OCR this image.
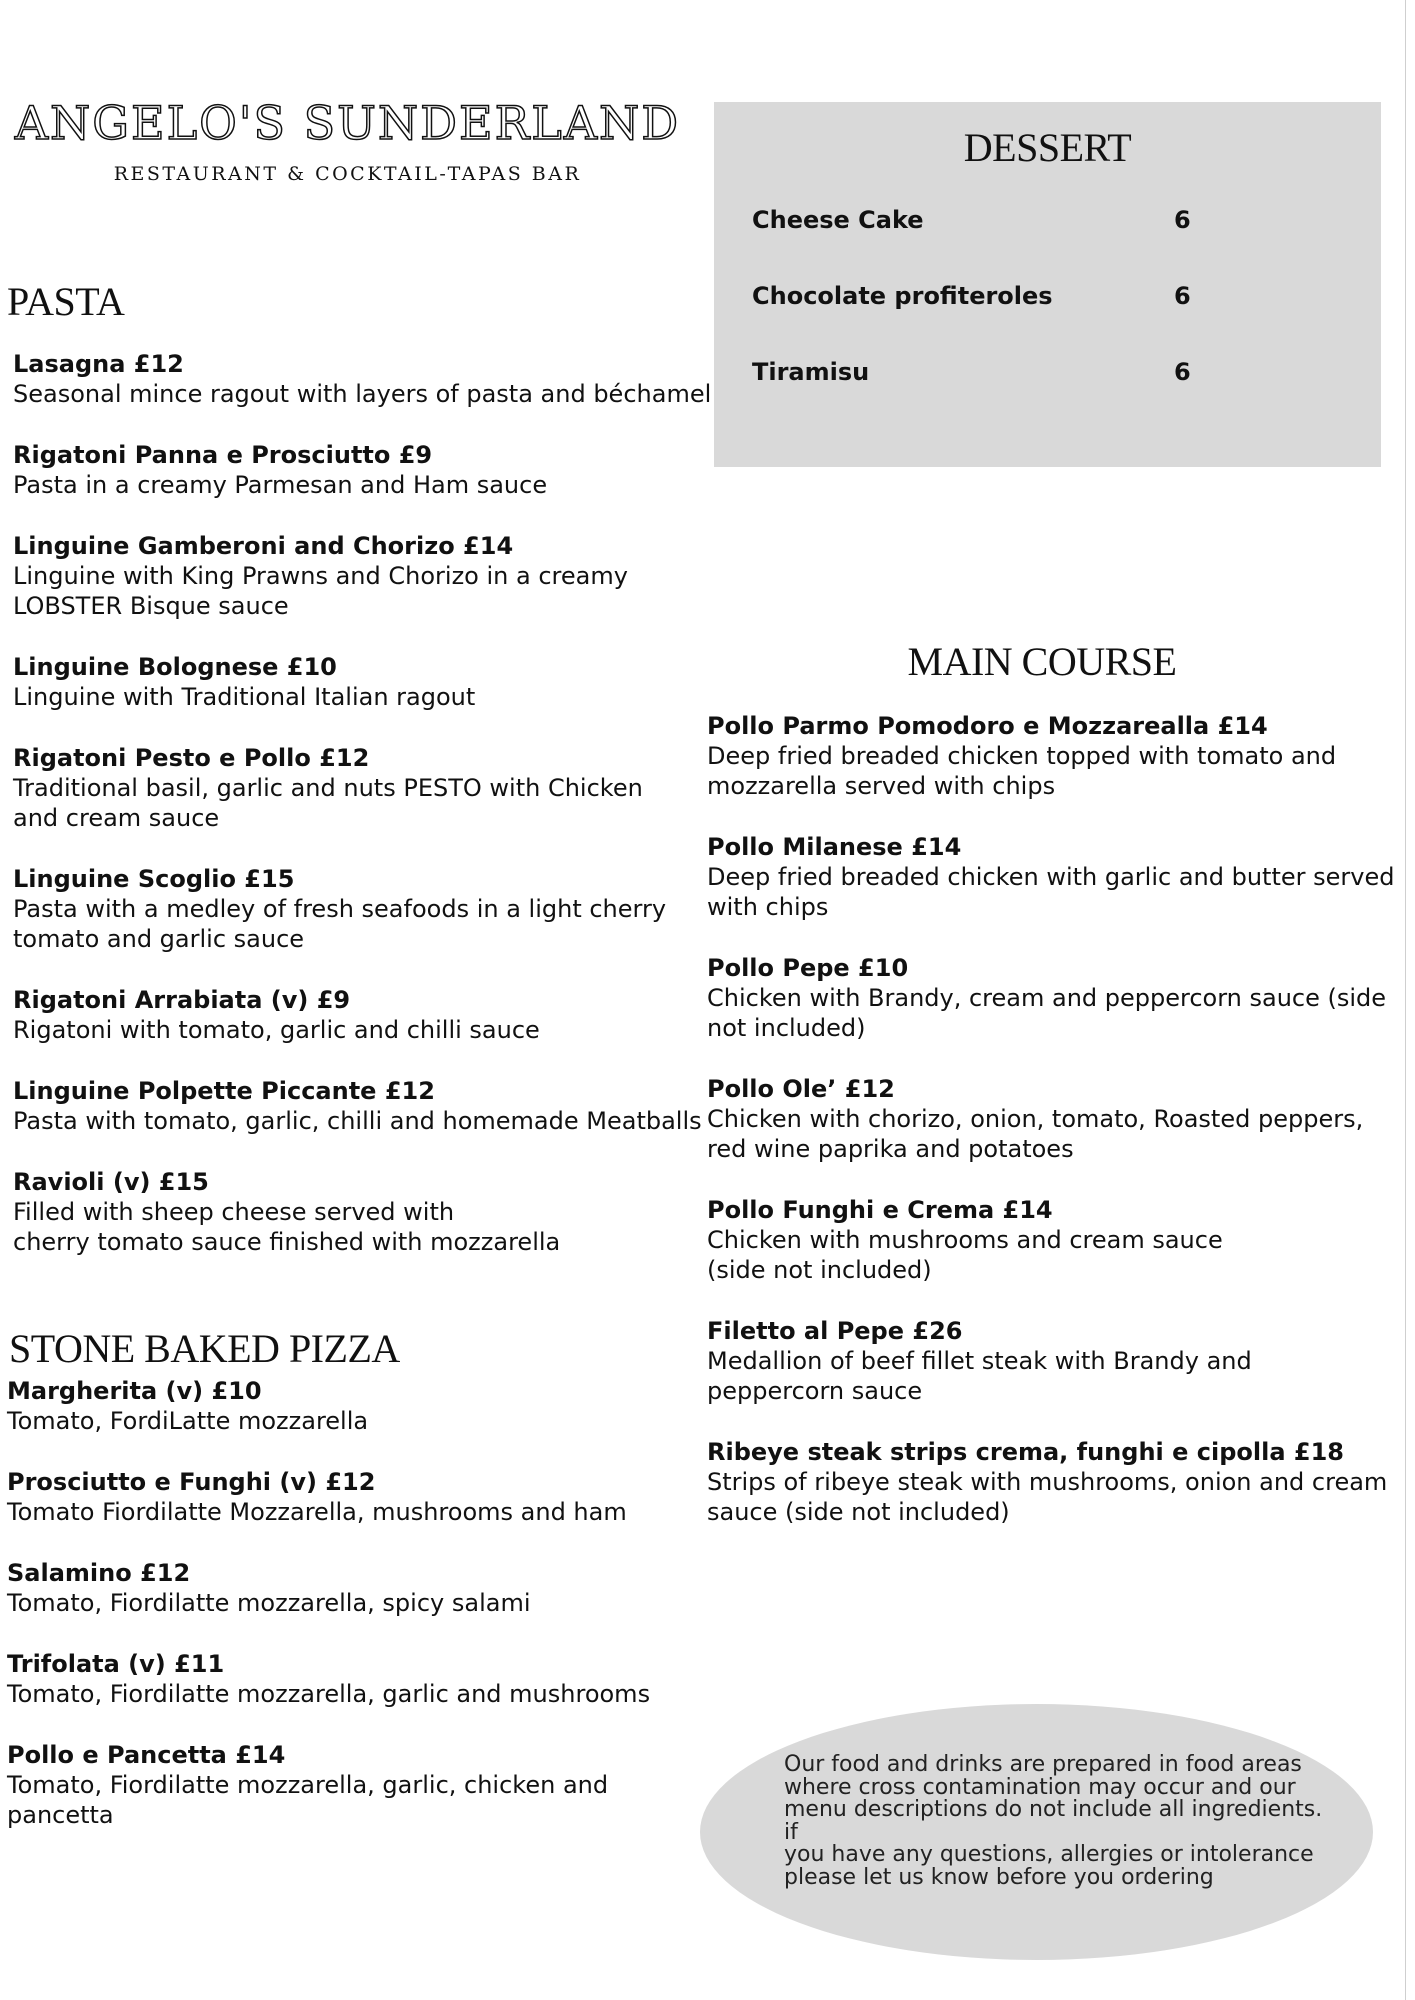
ANGELO'S SUNDERLAND
RESTAURANT & COCKTAIL-TAPAS BAR
DESSERT
Cheese Cake	6
Chocolate profiteroles	6
Tiramisu	6
PASTA
Lasagna £12
Seasonal mince ragout with layers of pasta and béchamel
Rigatoni Panna e Prosciutto £9
Pasta in a creamy Parmesan and Ham sauce
Linguine Gamberoni and Chorizo £14
Linguine with King Prawns and Chorizo in a creamy
LOBSTER Bisque sauce
Linguine Bolognese £10
Linguine with Traditional Italian ragout
Rigatoni Pesto e Pollo £12
Traditional basil, garlic and nuts PESTO with Chicken
and cream sauce
Linguine Scoglio £15
Pasta with a medley of fresh seafoods in a light cherry
tomato and garlic sauce
Rigatoni Arrabiata (v) £9
Rigatoni with tomato, garlic and chilli sauce
Linguine Polpette Piccante £12
Pasta with tomato, garlic, chilli and homemade Meatballs
Ravioli (v) £15
Filled with sheep cheese served with
cherry tomato sauce finished with mozzarella
STONE BAKED PIZZA
Margherita (v) £10
Tomato, FordiLatte mozzarella
Prosciutto e Funghi (v) £12
Tomato Fiordilatte Mozzarella, mushrooms and ham
Salamino £12
Tomato, Fiordilatte mozzarella, spicy salami
Trifolata (v) £11
Tomato, Fiordilatte mozzarella, garlic and mushrooms
Pollo e Pancetta £14
Tomato, Fiordilatte mozzarella, garlic, chicken and
pancetta
MAIN COURSE
Pollo Parmo Pomodoro e Mozzarealla £14
Deep fried breaded chicken topped with tomato and
mozzarella served with chips
Pollo Milanese £14
Deep fried breaded chicken with garlic and butter served
with chips
Pollo Pepe £10
Chicken with Brandy, cream and peppercorn sauce (side
not included)
Pollo Ole’ £12
Chicken with chorizo, onion, tomato, Roasted peppers,
red wine paprika and potatoes
Pollo Funghi e Crema £14
Chicken with mushrooms and cream sauce
(side not included)
Filetto al Pepe £26
Medallion of beef fillet steak with Brandy and
peppercorn sauce
Ribeye steak strips crema, funghi e cipolla £18
Strips of ribeye steak with mushrooms, onion and cream
sauce (side not included)
Our food and drinks are prepared in food areas
where cross contamination may occur and our
menu descriptions do not include all ingredients. if
you have any questions, allergies or intolerance
please let us know before you ordering
